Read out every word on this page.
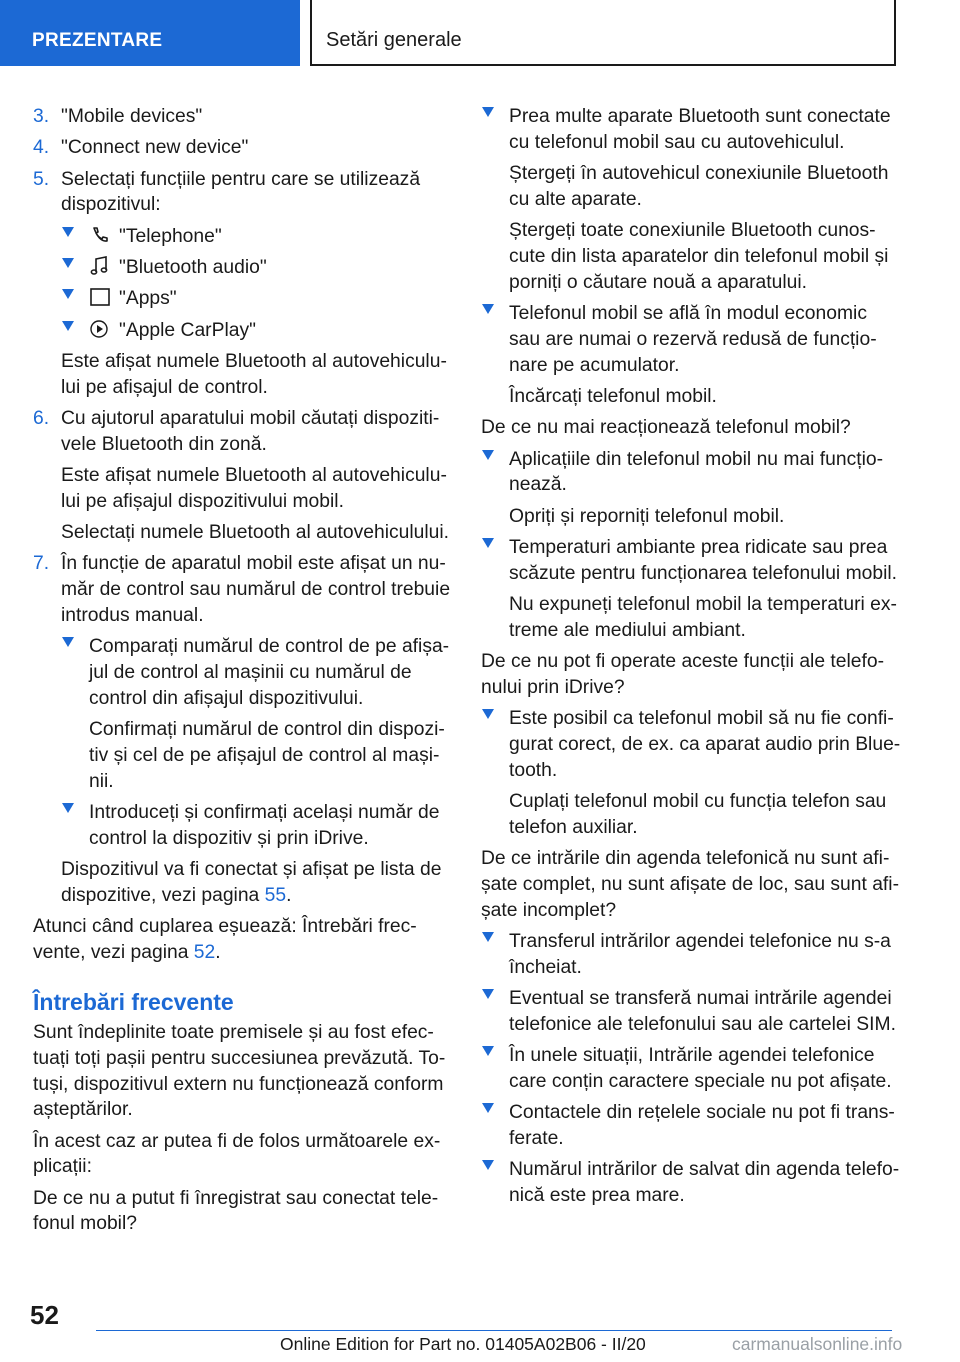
PREZENTARE	Setări generale
3. "Mobile devices"
4. "Connect new device"
5. Selectați funcțiile pentru care se utilizează dispozitivul:
"Telephone"
"Bluetooth audio"
"Apps"
"Apple CarPlay"
Este afișat numele Bluetooth al autovehiculu-lui pe afișajul de control.
6. Cu ajutorul aparatului mobil căutați dispoziti-vele Bluetooth din zonă.
Este afișat numele Bluetooth al autovehiculu-lui pe afișajul dispozitivului mobil.
Selectați numele Bluetooth al autovehiculului.
7. În funcție de aparatul mobil este afișat un nu-măr de control sau numărul de control trebuie introdus manual.
Comparați numărul de control de pe afișa-jul de control al mașinii cu numărul de control din afișajul dispozitivului.
Confirmați numărul de control din dispozi-tiv și cel de pe afișajul de control al mași-nii.
Introduceți și confirmați același număr de control la dispozitiv și prin iDrive.
Dispozitivul va fi conectat și afișat pe lista de dispozitive, vezi pagina 55.
Atunci când cuplarea eșuează: Întrebări frec-vente, vezi pagina 52.
Întrebări frecvente
Sunt îndeplinite toate premisele și au fost efec-tuați toți pașii pentru succesiunea prevăzută. To-tuși, dispozitivul extern nu funcționează conform așteptărilor.
În acest caz ar putea fi de folos următoarele ex-plicații:
De ce nu a putut fi înregistrat sau conectat tele-fonul mobil?
Prea multe aparate Bluetooth sunt conectate cu telefonul mobil sau cu autovehiculul.
Ștergeți în autovehicul conexiunile Bluetooth cu alte aparate.
Ștergeți toate conexiunile Bluetooth cunos-cute din lista aparatelor din telefonul mobil și porniți o căutare nouă a aparatului.
Telefonul mobil se află în modul economic sau are numai o rezervă redusă de funcțio-nare pe acumulator.
Încărcați telefonul mobil.
De ce nu mai reacționează telefonul mobil?
Aplicațiile din telefonul mobil nu mai funcțio-nează.
Opriți și reporniți telefonul mobil.
Temperaturi ambiante prea ridicate sau prea scăzute pentru funcționarea telefonului mobil.
Nu expuneți telefonul mobil la temperaturi ex-treme ale mediului ambiant.
De ce nu pot fi operate aceste funcții ale telefo-nului prin iDrive?
Este posibil ca telefonul mobil să nu fie confi-gurat corect, de ex. ca aparat audio prin Blue-tooth.
Cuplați telefonul mobil cu funcția telefon sau telefon auxiliar.
De ce intrările din agenda telefonică nu sunt afi-șate complet, nu sunt afișate de loc, sau sunt afi-șate incomplet?
Transferul intrărilor agendei telefonice nu s-a încheiat.
Eventual se transferă numai intrările agendei telefonice ale telefonului sau ale cartelei SIM.
În unele situații, Intrările agendei telefonice care conțin caractere speciale nu pot afișate.
Contactele din rețelele sociale nu pot fi trans-ferate.
Numărul intrărilor de salvat din agenda telefo-nică este prea mare.
52
Online Edition for Part no. 01405A02B06 - II/20	carmanualsonline.info
